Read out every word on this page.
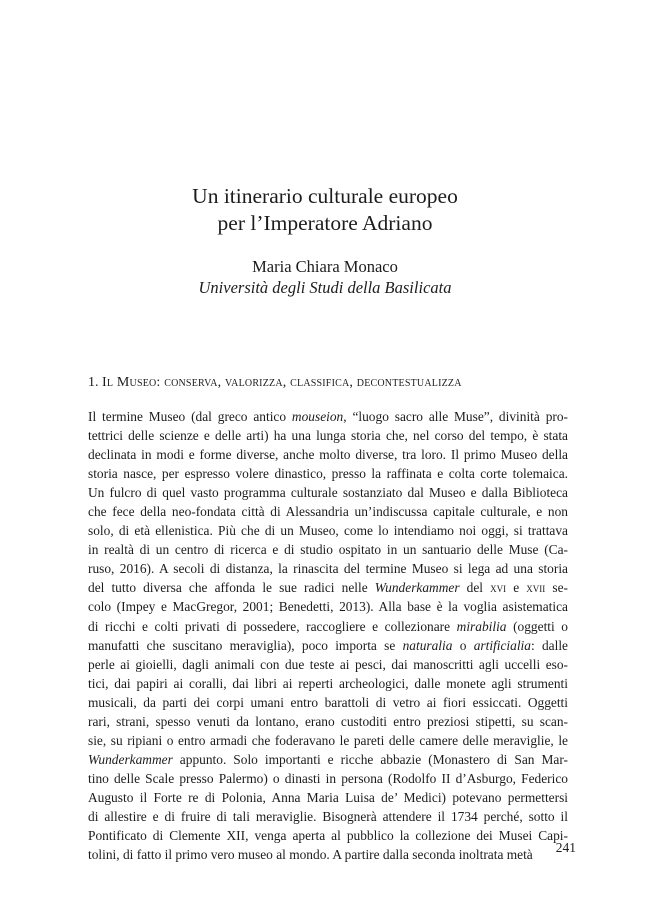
Un itinerario culturale europeo
per l’Imperatore Adriano
Maria Chiara Monaco
Università degli Studi della Basilicata
1. Il Museo: conserva, valorizza, classifica, decontestualizza
Il termine Museo (dal greco antico mouseion, “luogo sacro alle Muse”, divinità pro-
tettrici delle scienze e delle arti) ha una lunga storia che, nel corso del tempo, è stata
declinata in modi e forme diverse, anche molto diverse, tra loro. Il primo Museo della
storia nasce, per espresso volere dinastico, presso la raffinata e colta corte tolemaica.
Un fulcro di quel vasto programma culturale sostanziato dal Museo e dalla Biblioteca
che fece della neo-fondata città di Alessandria un’indiscussa capitale culturale, e non
solo, di età ellenistica. Più che di un Museo, come lo intendiamo noi oggi, si trattava
in realtà di un centro di ricerca e di studio ospitato in un santuario delle Muse (Ca-
ruso, 2016). A secoli di distanza, la rinascita del termine Museo si lega ad una storia
del tutto diversa che affonda le sue radici nelle Wunderkammer del xvi e xvii se-
colo (Impey e MacGregor, 2001; Benedetti, 2013). Alla base è la voglia asistematica
di ricchi e colti privati di possedere, raccogliere e collezionare mirabilia (oggetti o
manufatti che suscitano meraviglia), poco importa se naturalia o artificialia: dalle
perle ai gioielli, dagli animali con due teste ai pesci, dai manoscritti agli uccelli eso-
tici, dai papiri ai coralli, dai libri ai reperti archeologici, dalle monete agli strumenti
musicali, da parti dei corpi umani entro barattoli di vetro ai fiori essiccati. Oggetti
rari, strani, spesso venuti da lontano, erano custoditi entro preziosi stipetti, su scan-
sie, su ripiani o entro armadi che foderavano le pareti delle camere delle meraviglie, le
Wunderkammer appunto. Solo importanti e ricche abbazie (Monastero di San Mar-
tino delle Scale presso Palermo) o dinasti in persona (Rodolfo II d’Asburgo, Federico
Augusto il Forte re di Polonia, Anna Maria Luisa de’ Medici) potevano permettersi
di allestire e di fruire di tali meraviglie. Bisognerà attendere il 1734 perché, sotto il
Pontificato di Clemente XII, venga aperta al pubblico la collezione dei Musei Capi-
tolini, di fatto il primo vero museo al mondo. A partire dalla seconda inoltrata metà	241
